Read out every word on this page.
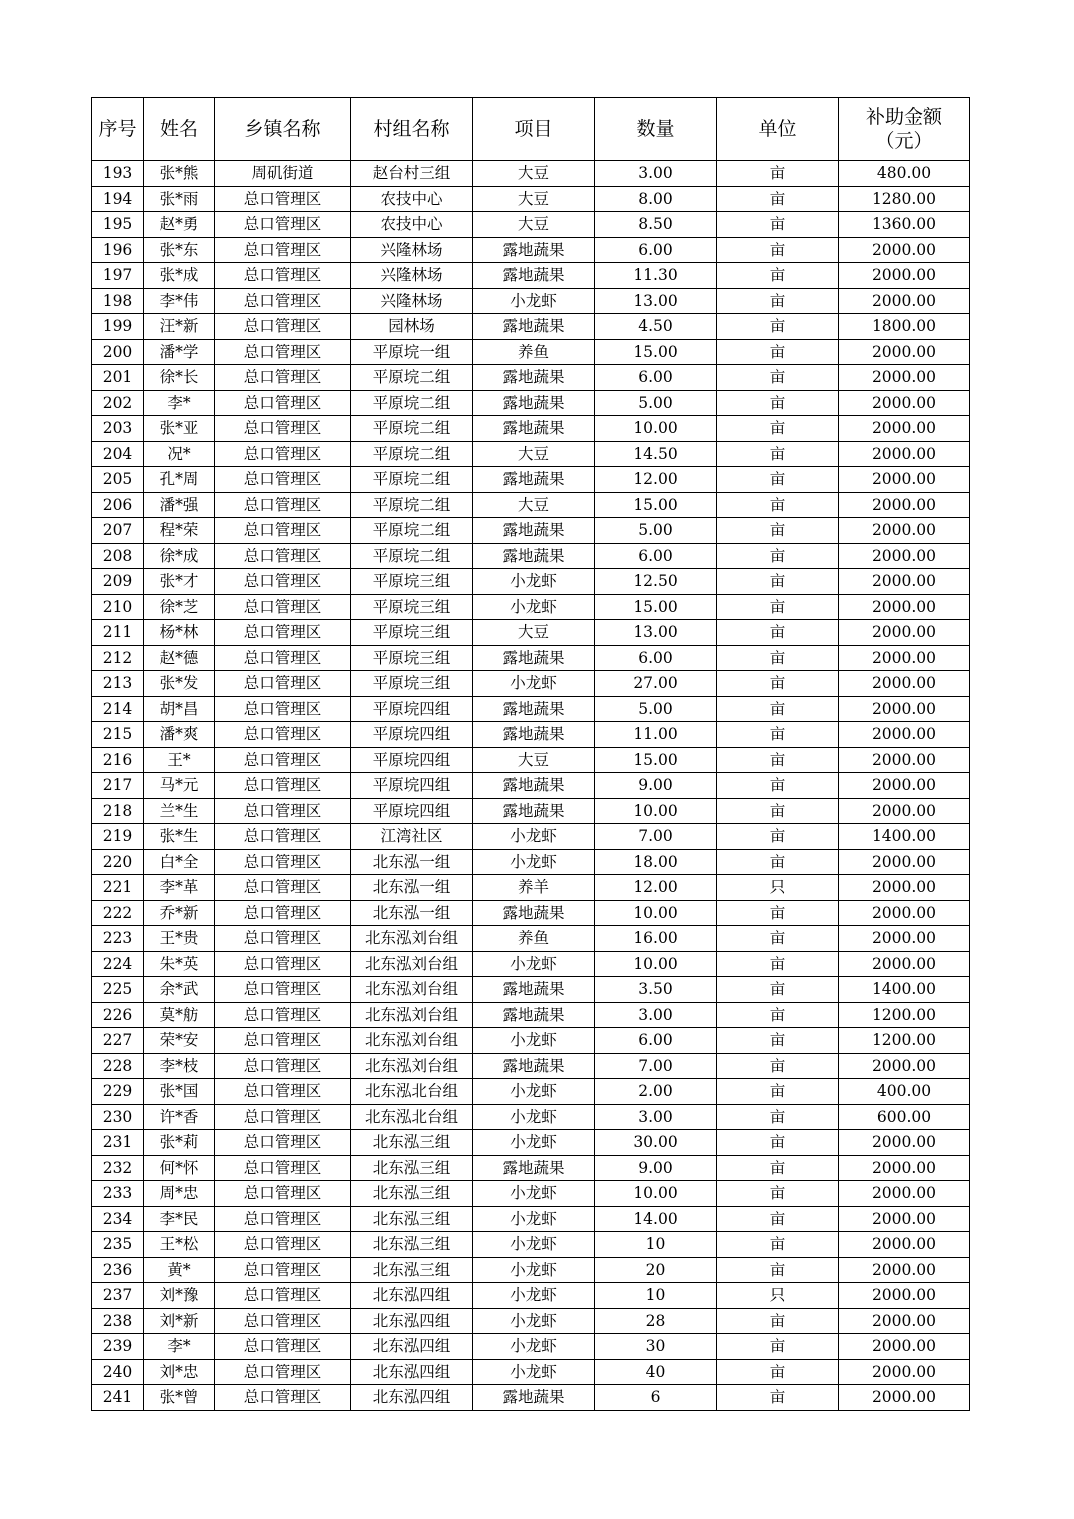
序号	姓名	乡镇名称	村组名称	项目	数量	单位	补助金额
（元）
193	张*熊	周矶街道	赵台村三组	大豆	3.00	亩	480.00
194	张*雨	总口管理区	农技中心	大豆	8.00	亩	1280.00
195	赵*勇	总口管理区	农技中心	大豆	8.50	亩	1360.00
196	张*东	总口管理区	兴隆林场	露地蔬果	6.00	亩	2000.00
197	张*成	总口管理区	兴隆林场	露地蔬果	11.30	亩	2000.00
198	李*伟	总口管理区	兴隆林场	小龙虾	13.00	亩	2000.00
199	汪*新	总口管理区	园林场	露地蔬果	4.50	亩	1800.00
200	潘*学	总口管理区	平原垸一组	养鱼	15.00	亩	2000.00
201	徐*长	总口管理区	平原垸二组	露地蔬果	6.00	亩	2000.00
202	李*	总口管理区	平原垸二组	露地蔬果	5.00	亩	2000.00
203	张*亚	总口管理区	平原垸二组	露地蔬果	10.00	亩	2000.00
204	况*	总口管理区	平原垸二组	大豆	14.50	亩	2000.00
205	孔*周	总口管理区	平原垸二组	露地蔬果	12.00	亩	2000.00
206	潘*强	总口管理区	平原垸二组	大豆	15.00	亩	2000.00
207	程*荣	总口管理区	平原垸二组	露地蔬果	5.00	亩	2000.00
208	徐*成	总口管理区	平原垸二组	露地蔬果	6.00	亩	2000.00
209	张*才	总口管理区	平原垸三组	小龙虾	12.50	亩	2000.00
210	徐*芝	总口管理区	平原垸三组	小龙虾	15.00	亩	2000.00
211	杨*林	总口管理区	平原垸三组	大豆	13.00	亩	2000.00
212	赵*德	总口管理区	平原垸三组	露地蔬果	6.00	亩	2000.00
213	张*发	总口管理区	平原垸三组	小龙虾	27.00	亩	2000.00
214	胡*昌	总口管理区	平原垸四组	露地蔬果	5.00	亩	2000.00
215	潘*爽	总口管理区	平原垸四组	露地蔬果	11.00	亩	2000.00
216	王*	总口管理区	平原垸四组	大豆	15.00	亩	2000.00
217	马*元	总口管理区	平原垸四组	露地蔬果	9.00	亩	2000.00
218	兰*生	总口管理区	平原垸四组	露地蔬果	10.00	亩	2000.00
219	张*生	总口管理区	江湾社区	小龙虾	7.00	亩	1400.00
220	白*全	总口管理区	北东泓一组	小龙虾	18.00	亩	2000.00
221	李*革	总口管理区	北东泓一组	养羊	12.00	只	2000.00
222	乔*新	总口管理区	北东泓一组	露地蔬果	10.00	亩	2000.00
223	王*贵	总口管理区	北东泓刘台组	养鱼	16.00	亩	2000.00
224	朱*英	总口管理区	北东泓刘台组	小龙虾	10.00	亩	2000.00
225	余*武	总口管理区	北东泓刘台组	露地蔬果	3.50	亩	1400.00
226	莫*舫	总口管理区	北东泓刘台组	露地蔬果	3.00	亩	1200.00
227	荣*安	总口管理区	北东泓刘台组	小龙虾	6.00	亩	1200.00
228	李*枝	总口管理区	北东泓刘台组	露地蔬果	7.00	亩	2000.00
229	张*国	总口管理区	北东泓北台组	小龙虾	2.00	亩	400.00
230	许*香	总口管理区	北东泓北台组	小龙虾	3.00	亩	600.00
231	张*莉	总口管理区	北东泓三组	小龙虾	30.00	亩	2000.00
232	何*怀	总口管理区	北东泓三组	露地蔬果	9.00	亩	2000.00
233	周*忠	总口管理区	北东泓三组	小龙虾	10.00	亩	2000.00
234	李*民	总口管理区	北东泓三组	小龙虾	14.00	亩	2000.00
235	王*松	总口管理区	北东泓三组	小龙虾	10	亩	2000.00
236	黄*	总口管理区	北东泓三组	小龙虾	20	亩	2000.00
237	刘*豫	总口管理区	北东泓四组	小龙虾	10	只	2000.00
238	刘*新	总口管理区	北东泓四组	小龙虾	28	亩	2000.00
239	李*	总口管理区	北东泓四组	小龙虾	30	亩	2000.00
240	刘*忠	总口管理区	北东泓四组	小龙虾	40	亩	2000.00
241	张*曾	总口管理区	北东泓四组	露地蔬果	6	亩	2000.00
